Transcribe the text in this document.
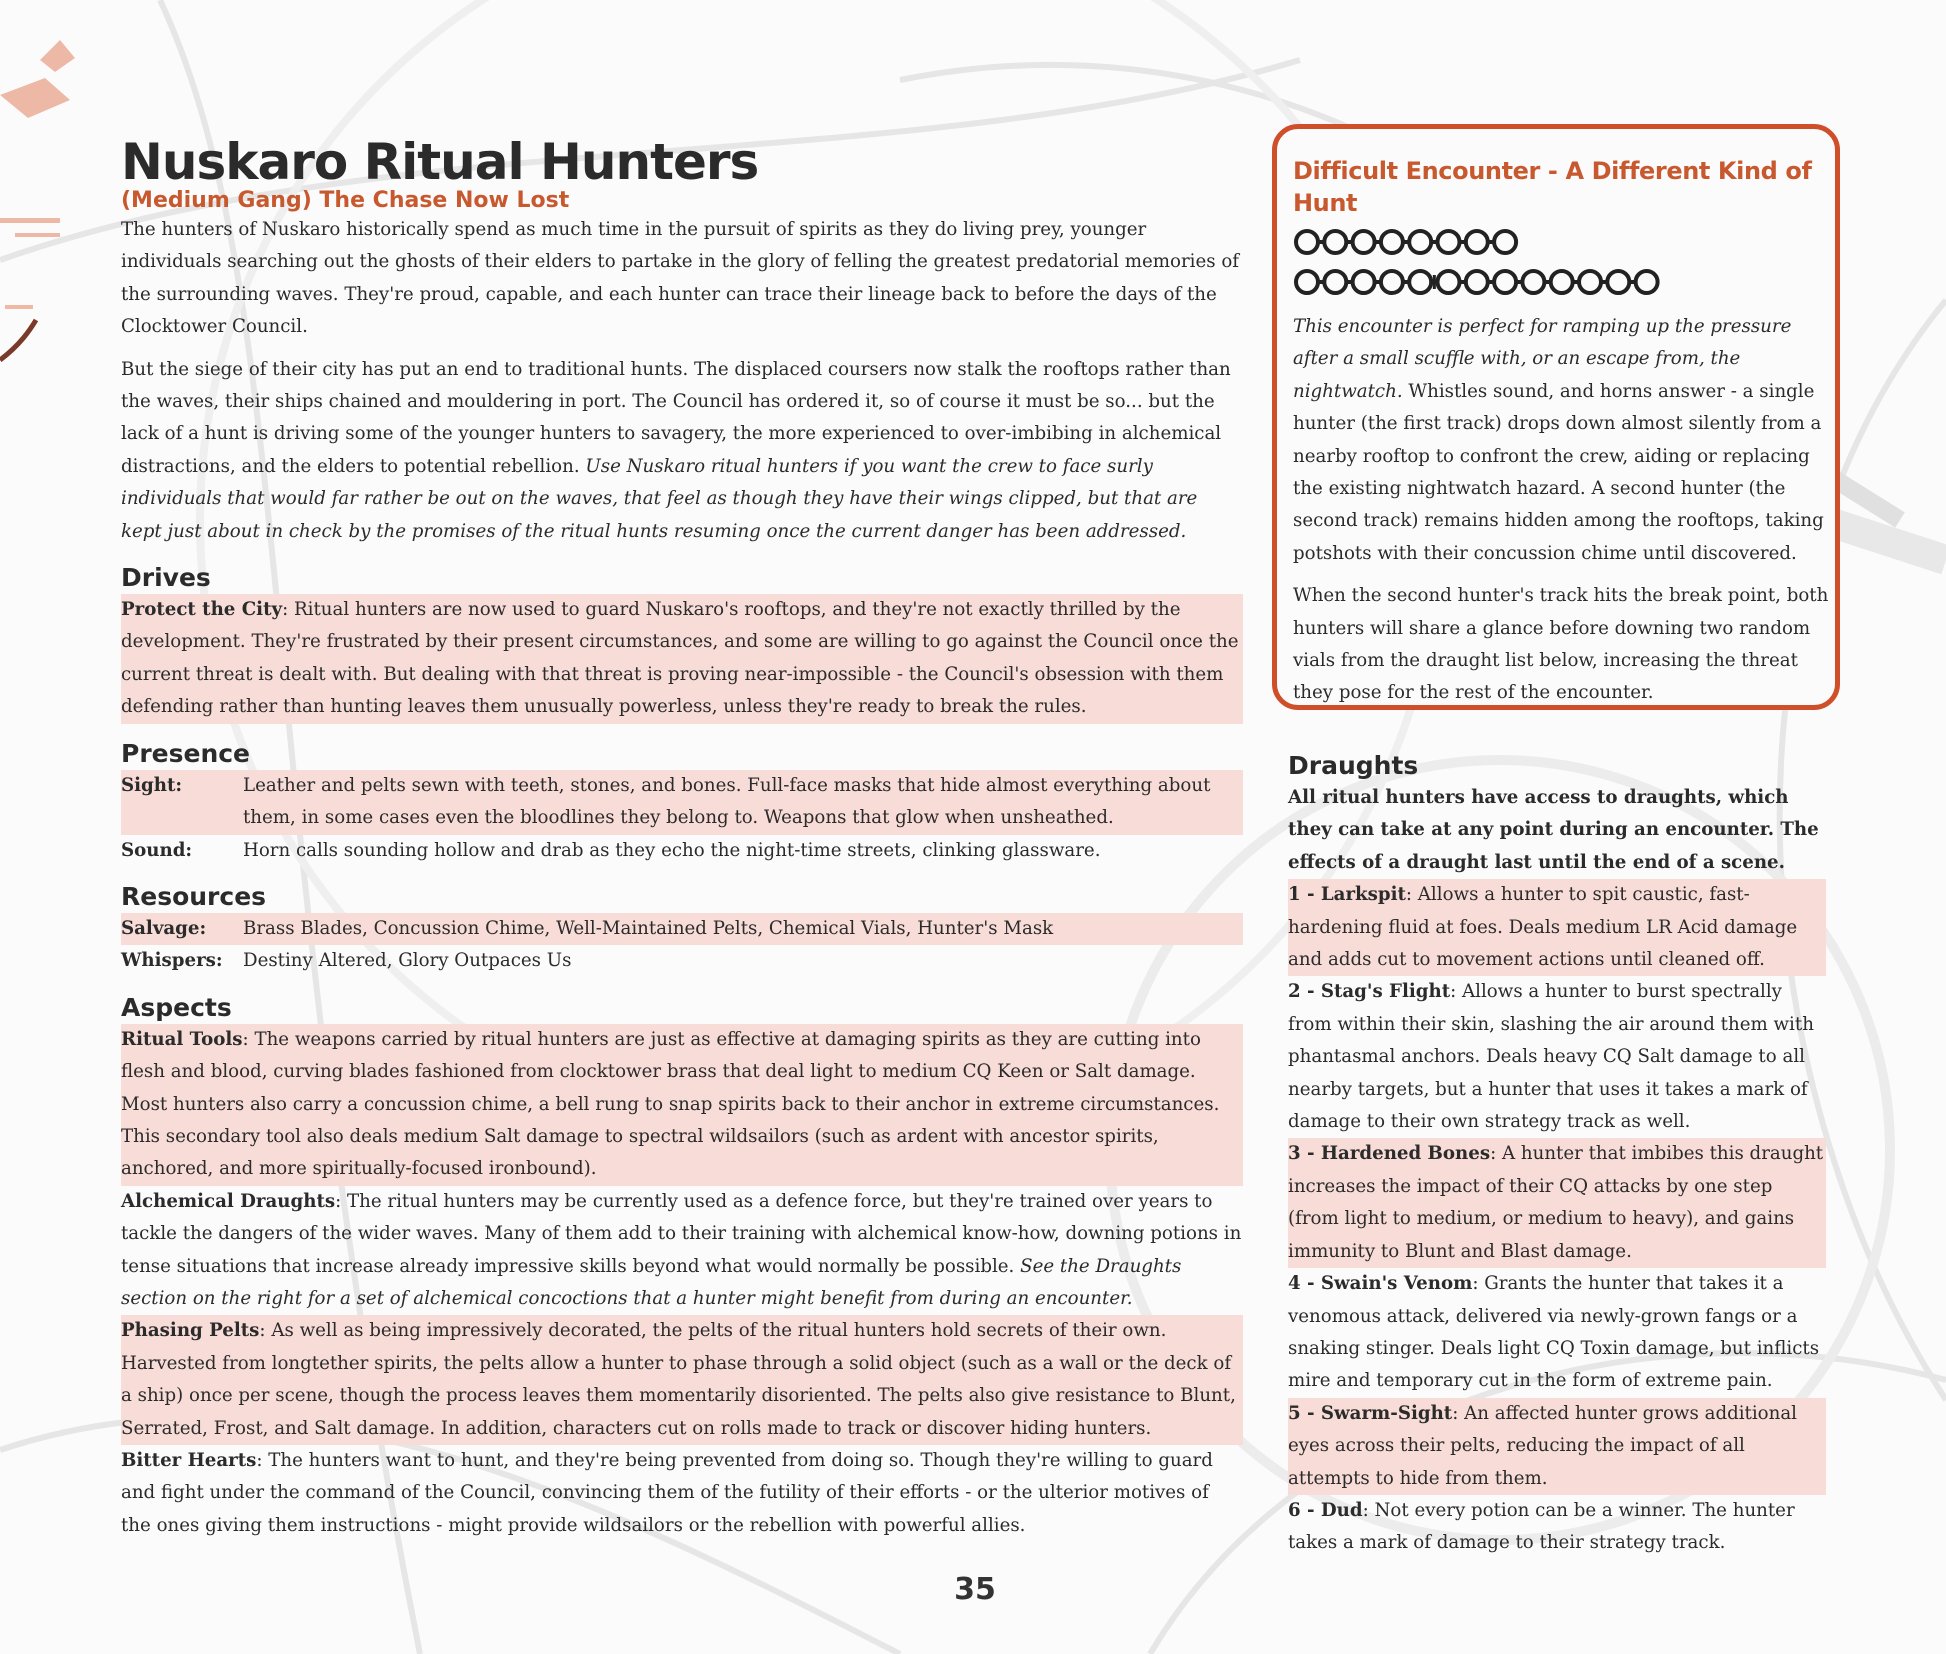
Nuskaro Ritual Hunters
(Medium Gang) The Chase Now Lost

The hunters of Nuskaro historically spend as much time in the pursuit of spirits as they do living prey, younger individuals searching out the ghosts of their elders to partake in the glory of felling the greatest predatorial memories of the surrounding waves. They're proud, capable, and each hunter can trace their lineage back to before the days of the Clocktower Council.

But the siege of their city has put an end to traditional hunts. The displaced coursers now stalk the rooftops rather than the waves, their ships chained and mouldering in port. The Council has ordered it, so of course it must be so... but the lack of a hunt is driving some of the younger hunters to savagery, the more experienced to over-imbibing in alchemical distractions, and the elders to potential rebellion. Use Nuskaro ritual hunters if you want the crew to face surly individuals that would far rather be out on the waves, that feel as though they have their wings clipped, but that are kept just about in check by the promises of the ritual hunts resuming once the current danger has been addressed.

Drives
Protect the City: Ritual hunters are now used to guard Nuskaro's rooftops, and they're not exactly thrilled by the development. They're frustrated by their present circumstances, and some are willing to go against the Council once the current threat is dealt with. But dealing with that threat is proving near-impossible - the Council's obsession with them defending rather than hunting leaves them unusually powerless, unless they're ready to break the rules.
Presence
Sight:	Leather and pelts sewn with teeth, stones, and bones. Full-face masks that hide almost everything about them, in some cases even the bloodlines they belong to. Weapons that glow when unsheathed.
Sound:	Horn calls sounding hollow and drab as they echo the night-time streets, clinking glassware.
Resources
Salvage:	Brass Blades, Concussion Chime, Well-Maintained Pelts, Chemical Vials, Hunter's Mask
Whispers:	Destiny Altered, Glory Outpaces Us
Aspects
Ritual Tools: The weapons carried by ritual hunters are just as effective at damaging spirits as they are cutting into flesh and blood, curving blades fashioned from clocktower brass that deal light to medium CQ Keen or Salt damage. Most hunters also carry a concussion chime, a bell rung to snap spirits back to their anchor in extreme circumstances. This secondary tool also deals medium Salt damage to spectral wildsailors (such as ardent with ancestor spirits, anchored, and more spiritually-focused ironbound).
Alchemical Draughts: The ritual hunters may be currently used as a defence force, but they're trained over years to tackle the dangers of the wider waves. Many of them add to their training with alchemical know-how, downing potions in tense situations that increase already impressive skills beyond what would normally be possible. See the Draughts section on the right for a set of alchemical concoctions that a hunter might benefit from during an encounter.
Phasing Pelts: As well as being impressively decorated, the pelts of the ritual hunters hold secrets of their own. Harvested from longtether spirits, the pelts allow a hunter to phase through a solid object (such as a wall or the deck of a ship) once per scene, though the process leaves them momentarily disoriented. The pelts also give resistance to Blunt, Serrated, Frost, and Salt damage. In addition, characters cut on rolls made to track or discover hiding hunters.
Bitter Hearts: The hunters want to hunt, and they're being prevented from doing so. Though they're willing to guard and fight under the command of the Council, convincing them of the futility of their efforts - or the ulterior motives of the ones giving them instructions - might provide wildsailors or the rebellion with powerful allies.
Difficult Encounter - A Different Kind of Hunt

This encounter is perfect for ramping up the pressure after a small scuffle with, or an escape from, the nightwatch. Whistles sound, and horns answer - a single hunter (the first track) drops down almost silently from a nearby rooftop to confront the crew, aiding or replacing the existing nightwatch hazard. A second hunter (the second track) remains hidden among the rooftops, taking potshots with their concussion chime until discovered.

When the second hunter's track hits the break point, both hunters will share a glance before downing two random vials from the draught list below, increasing the threat they pose for the rest of the encounter.

Draughts
All ritual hunters have access to draughts, which they can take at any point during an encounter. The effects of a draught last until the end of a scene.
1 - Larkspit: Allows a hunter to spit caustic, fast-hardening fluid at foes. Deals medium LR Acid damage and adds cut to movement actions until cleaned off.
2 - Stag's Flight: Allows a hunter to burst spectrally from within their skin, slashing the air around them with phantasmal anchors. Deals heavy CQ Salt damage to all nearby targets, but a hunter that uses it takes a mark of damage to their own strategy track as well.
3 - Hardened Bones: A hunter that imbibes this draught increases the impact of their CQ attacks by one step (from light to medium, or medium to heavy), and gains immunity to Blunt and Blast damage.
4 - Swain's Venom: Grants the hunter that takes it a venomous attack, delivered via newly-grown fangs or a snaking stinger. Deals light CQ Toxin damage, but inflicts mire and temporary cut in the form of extreme pain.
5 - Swarm-Sight: An affected hunter grows additional eyes across their pelts, reducing the impact of all attempts to hide from them.
6 - Dud: Not every potion can be a winner. The hunter takes a mark of damage to their strategy track.
35
